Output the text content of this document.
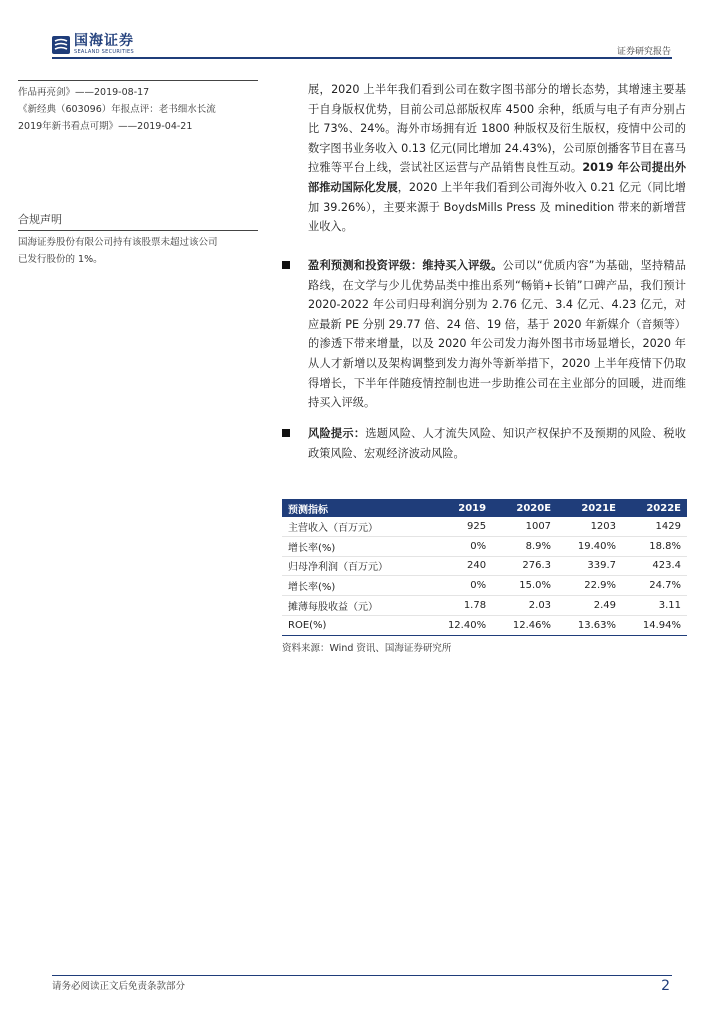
国海证券
SEALAND SECURITIES	证券研究报告
作品再亮剑》——2019-08-17
《新经典（603096）年报点评：老书细水长流
2019年新书看点可期》——2019-04-21
合规声明
国海证券股份有限公司持有该股票未超过该公司
已发行股份的 1%。

展，2020 上半年我们看到公司在数字图书部分的增长态势，其增速主要基于自身版权优势，目前公司总部版权库 4500 余种，纸质与电子有声分别占比 73%、24%。海外市场拥有近 1800 种版权及衍生版权，疫情中公司的数字图书业务收入 0.13 亿元(同比增加 24.43%)，公司原创播客节目在喜马拉雅等平台上线，尝试社区运营与产品销售良性互动。2019 年公司提出外部推动国际化发展，2020 上半年我们看到公司海外收入 0.21 亿元（同比增加 39.26%），主要来源于 BoydsMills Press 及 minedition 带来的新增营业收入。

盈利预测和投资评级：维持买入评级。公司以“优质内容”为基础，坚持精品路线，在文学与少儿优势品类中推出系列“畅销+长销”口碑产品，我们预计 2020-2022 年公司归母利润分别为 2.76 亿元、3.4 亿元、4.23 亿元，对应最新 PE 分别 29.77 倍、24 倍、19 倍，基于 2020 年新媒介（音频等）的渗透下带来增量，以及 2020 年公司发力海外图书市场显增长，2020 年从人才新增以及架构调整到发力海外等新举措下，2020 上半年疫情下仍取得增长，下半年伴随疫情控制也进一步助推公司在主业部分的回暖，进而维持买入评级。
风险提示：选题风险、人才流失风险、知识产权保护不及预期的风险、税收政策风险、宏观经济波动风险。
预测指标	2019	2020E	2021E	2022E
主营收入（百万元）	925	1007	1203	1429
增长率(%)	0%	8.9%	19.40%	18.8%
归母净利润（百万元）	240	276.3	339.7	423.4
增长率(%)	0%	15.0%	22.9%	24.7%
摊薄每股收益（元）	1.78	2.03	2.49	3.11
ROE(%)	12.40%	12.46%	13.63%	14.94%
资料来源：Wind 资讯、国海证券研究所
请务必阅读正文后免责条款部分	2
